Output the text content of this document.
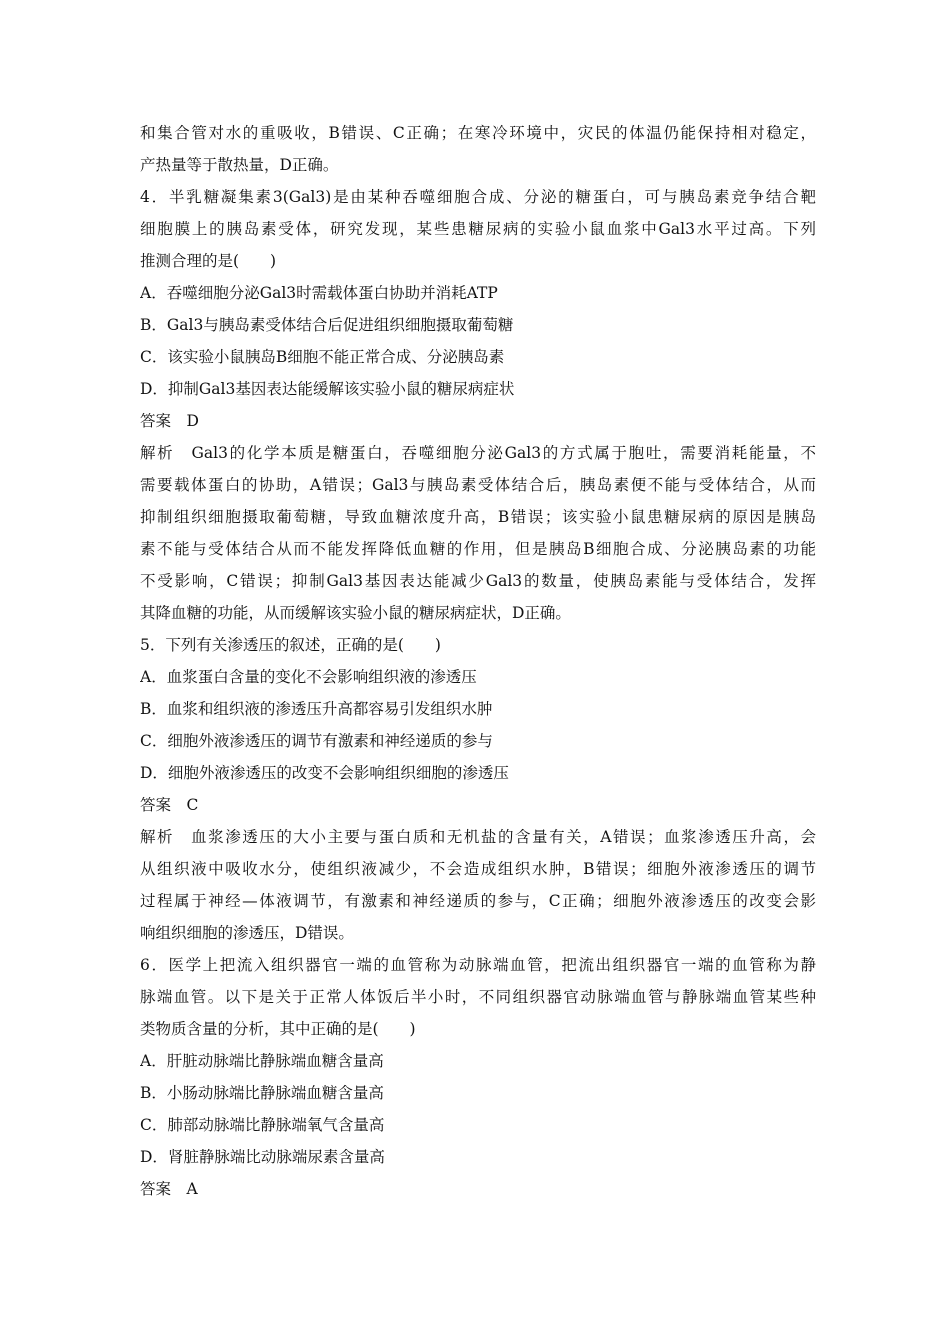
和集合管对水的重吸收，B错误、C正确；在寒冷环境中，灾民的体温仍能保持相对稳定，
产热量等于散热量，D正确。
4．半乳糖凝集素3(Gal3)是由某种吞噬细胞合成、分泌的糖蛋白，可与胰岛素竞争结合靶
细胞膜上的胰岛素受体，研究发现，某些患糖尿病的实验小鼠血浆中Gal3水平过高。下列
推测合理的是(　　)
A．吞噬细胞分泌Gal3时需载体蛋白协助并消耗ATP
B．Gal3与胰岛素受体结合后促进组织细胞摄取葡萄糖
C．该实验小鼠胰岛B细胞不能正常合成、分泌胰岛素
D．抑制Gal3基因表达能缓解该实验小鼠的糖尿病症状
答案　D
解析　Gal3的化学本质是糖蛋白，吞噬细胞分泌Gal3的方式属于胞吐，需要消耗能量，不
需要载体蛋白的协助，A错误；Gal3与胰岛素受体结合后，胰岛素便不能与受体结合，从而
抑制组织细胞摄取葡萄糖，导致血糖浓度升高，B错误；该实验小鼠患糖尿病的原因是胰岛
素不能与受体结合从而不能发挥降低血糖的作用，但是胰岛B细胞合成、分泌胰岛素的功能
不受影响，C错误；抑制Gal3基因表达能减少Gal3的数量，使胰岛素能与受体结合，发挥
其降血糖的功能，从而缓解该实验小鼠的糖尿病症状，D正确。
5．下列有关渗透压的叙述，正确的是(　　)
A．血浆蛋白含量的变化不会影响组织液的渗透压
B．血浆和组织液的渗透压升高都容易引发组织水肿
C．细胞外液渗透压的调节有激素和神经递质的参与
D．细胞外液渗透压的改变不会影响组织细胞的渗透压
答案　C
解析　血浆渗透压的大小主要与蛋白质和无机盐的含量有关，A错误；血浆渗透压升高，会
从组织液中吸收水分，使组织液减少，不会造成组织水肿，B错误；细胞外液渗透压的调节
过程属于神经—体液调节，有激素和神经递质的参与，C正确；细胞外液渗透压的改变会影
响组织细胞的渗透压，D错误。
6．医学上把流入组织器官一端的血管称为动脉端血管，把流出组织器官一端的血管称为静
脉端血管。以下是关于正常人体饭后半小时，不同组织器官动脉端血管与静脉端血管某些种
类物质含量的分析，其中正确的是(　　)
A．肝脏动脉端比静脉端血糖含量高
B．小肠动脉端比静脉端血糖含量高
C．肺部动脉端比静脉端氧气含量高
D．肾脏静脉端比动脉端尿素含量高
答案　A
